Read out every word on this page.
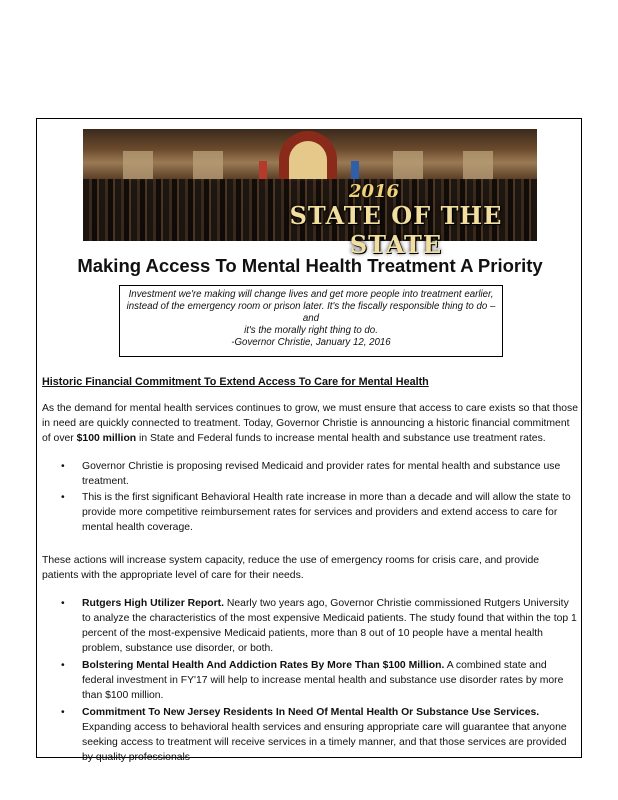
2016
STATE OF THE STATE
Making Access To Mental Health Treatment A Priority
Investment we're making will change lives and get more people into treatment earlier,
instead of the emergency room or prison later. It's the fiscally responsible thing to do – and
it's the morally right thing to do.
-Governor Christie, January 12, 2016

Historic Financial Commitment To Extend Access To Care for Mental Health

As the demand for mental health services continues to grow, we must ensure that access to care exists so that those in need are quickly connected to treatment. Today, Governor Christie is announcing a historic financial commitment of over $100 million in State and Federal funds to increase mental health and substance use treatment rates.

• Governor Christie is proposing revised Medicaid and provider rates for mental health and substance use treatment.
• This is the first significant Behavioral Health rate increase in more than a decade and will allow the state to provide more competitive reimbursement rates for services and providers and extend access to care for mental health coverage.

These actions will increase system capacity, reduce the use of emergency rooms for crisis care, and provide patients with the appropriate level of care for their needs.

• Rutgers High Utilizer Report. Nearly two years ago, Governor Christie commissioned Rutgers University to analyze the characteristics of the most expensive Medicaid patients. The study found that within the top 1 percent of the most-expensive Medicaid patients, more than 8 out of 10 people have a mental health problem, substance use disorder, or both.
• Bolstering Mental Health And Addiction Rates By More Than $100 Million. A combined state and federal investment in FY'17 will help to increase mental health and substance use disorder rates by more than $100 million.
• Commitment To New Jersey Residents In Need Of Mental Health Or Substance Use Services. Expanding access to behavioral health services and ensuring appropriate care will guarantee that anyone seeking access to treatment will receive services in a timely manner, and that those services are provided by quality professionals
